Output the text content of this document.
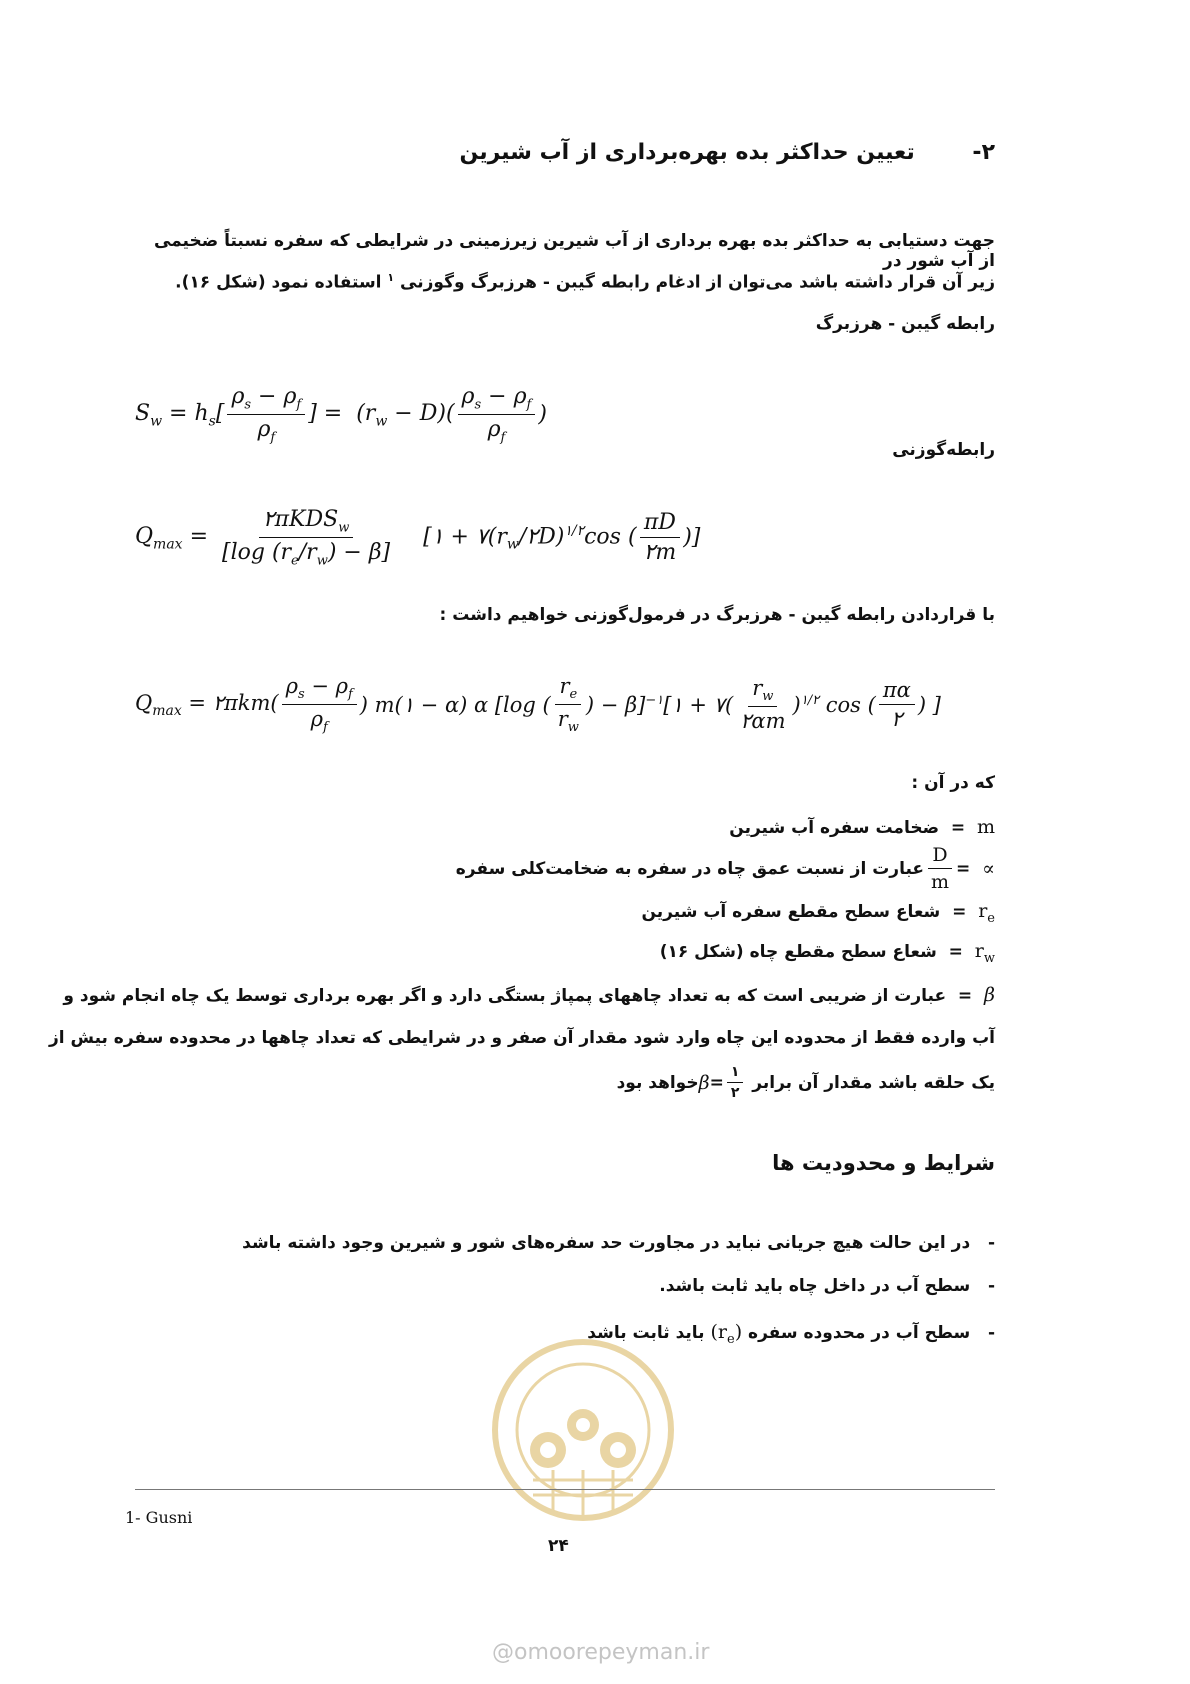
۲- تعیین حداکثر بده بهره‌برداری از آب شیرین
جهت دستیابی به حداکثر بده بهره برداری از آب شیرین زیرزمینی در شرایطی که سفره نسبتاً ضخیمی از آب شور در
زیر آن قرار داشته باشد می‌توان از ادغام رابطه گیبن - هرزبرگ وگوزنی $^۱$ استفاده نمود (شکل ۱۶).
رابطه گیبن - هرزبرگ
$S_w = h_s[ \frac{\rho_s - \rho_f}{\rho_f}$ ] =  $(r_w - D)( \frac{\rho_s - \rho_f}{\rho_f}$ )
رابطه‌گوزنی
$Q_{max} = \frac{۲\pi KDS_w}{[\log (r_e/r_w) - \beta]}$ [۱ + $۷(r_w/۲D)^{۱/۲}\cos$ ( $\frac{\pi D}{۲m}$ )]
با قراردادن رابطه گیبن - هرزبرگ در فرمول‌گوزنی خواهیم داشت :
$Q_{max}$ = ۲πkm( $\frac{\rho_s - \rho_f}{\rho_f}$ ) m(۱ − α) α [log ( $\frac{r_e}{r_w}$ ) − β]$^{-۱}$[۱ + ۷( $\frac{r_w}{۲\alpha m} )^{۱/۲}$ cos ( $\frac{\pi\alpha}{۲}$ ) ]
که در آن :
m  =  ضخامت سفره آب شیرین
∝
=
$\frac{D}{m}$
عبارت از نسبت عمق چاه در سفره به ضخامت‌کلی سفره
$r_e$  =  شعاع سطح مقطع سفره آب شیرین
$r_w$  =  شعاع سطح مقطع چاه (شکل ۱۶)
β  =  عبارت از ضریبی است که به تعداد چاههای پمپاژ بستگی دارد و اگر بهره برداری توسط یک چاه انجام شود و
آب وارده فقط از محدوده این چاه وارد شود مقدار آن صفر و در شرایطی که تعداد چاهها در محدوده سفره بیش از
یک حلقه باشد مقدار آن برابر

$\frac{۱}{۲}$
=
β
خواهد بود
شرایط و محدودیت ها
-   در این حالت هیچ جریانی نباید در مجاورت حد سفره‌های شور و شیرین وجود داشته باشد
-   سطح آب در داخل چاه باید ثابت باشد.
-   سطح آب در محدوده سفره $(r_e)$ باید ثابت باشد
1- Gusni
۲۴
@omoorepeyman.ir
